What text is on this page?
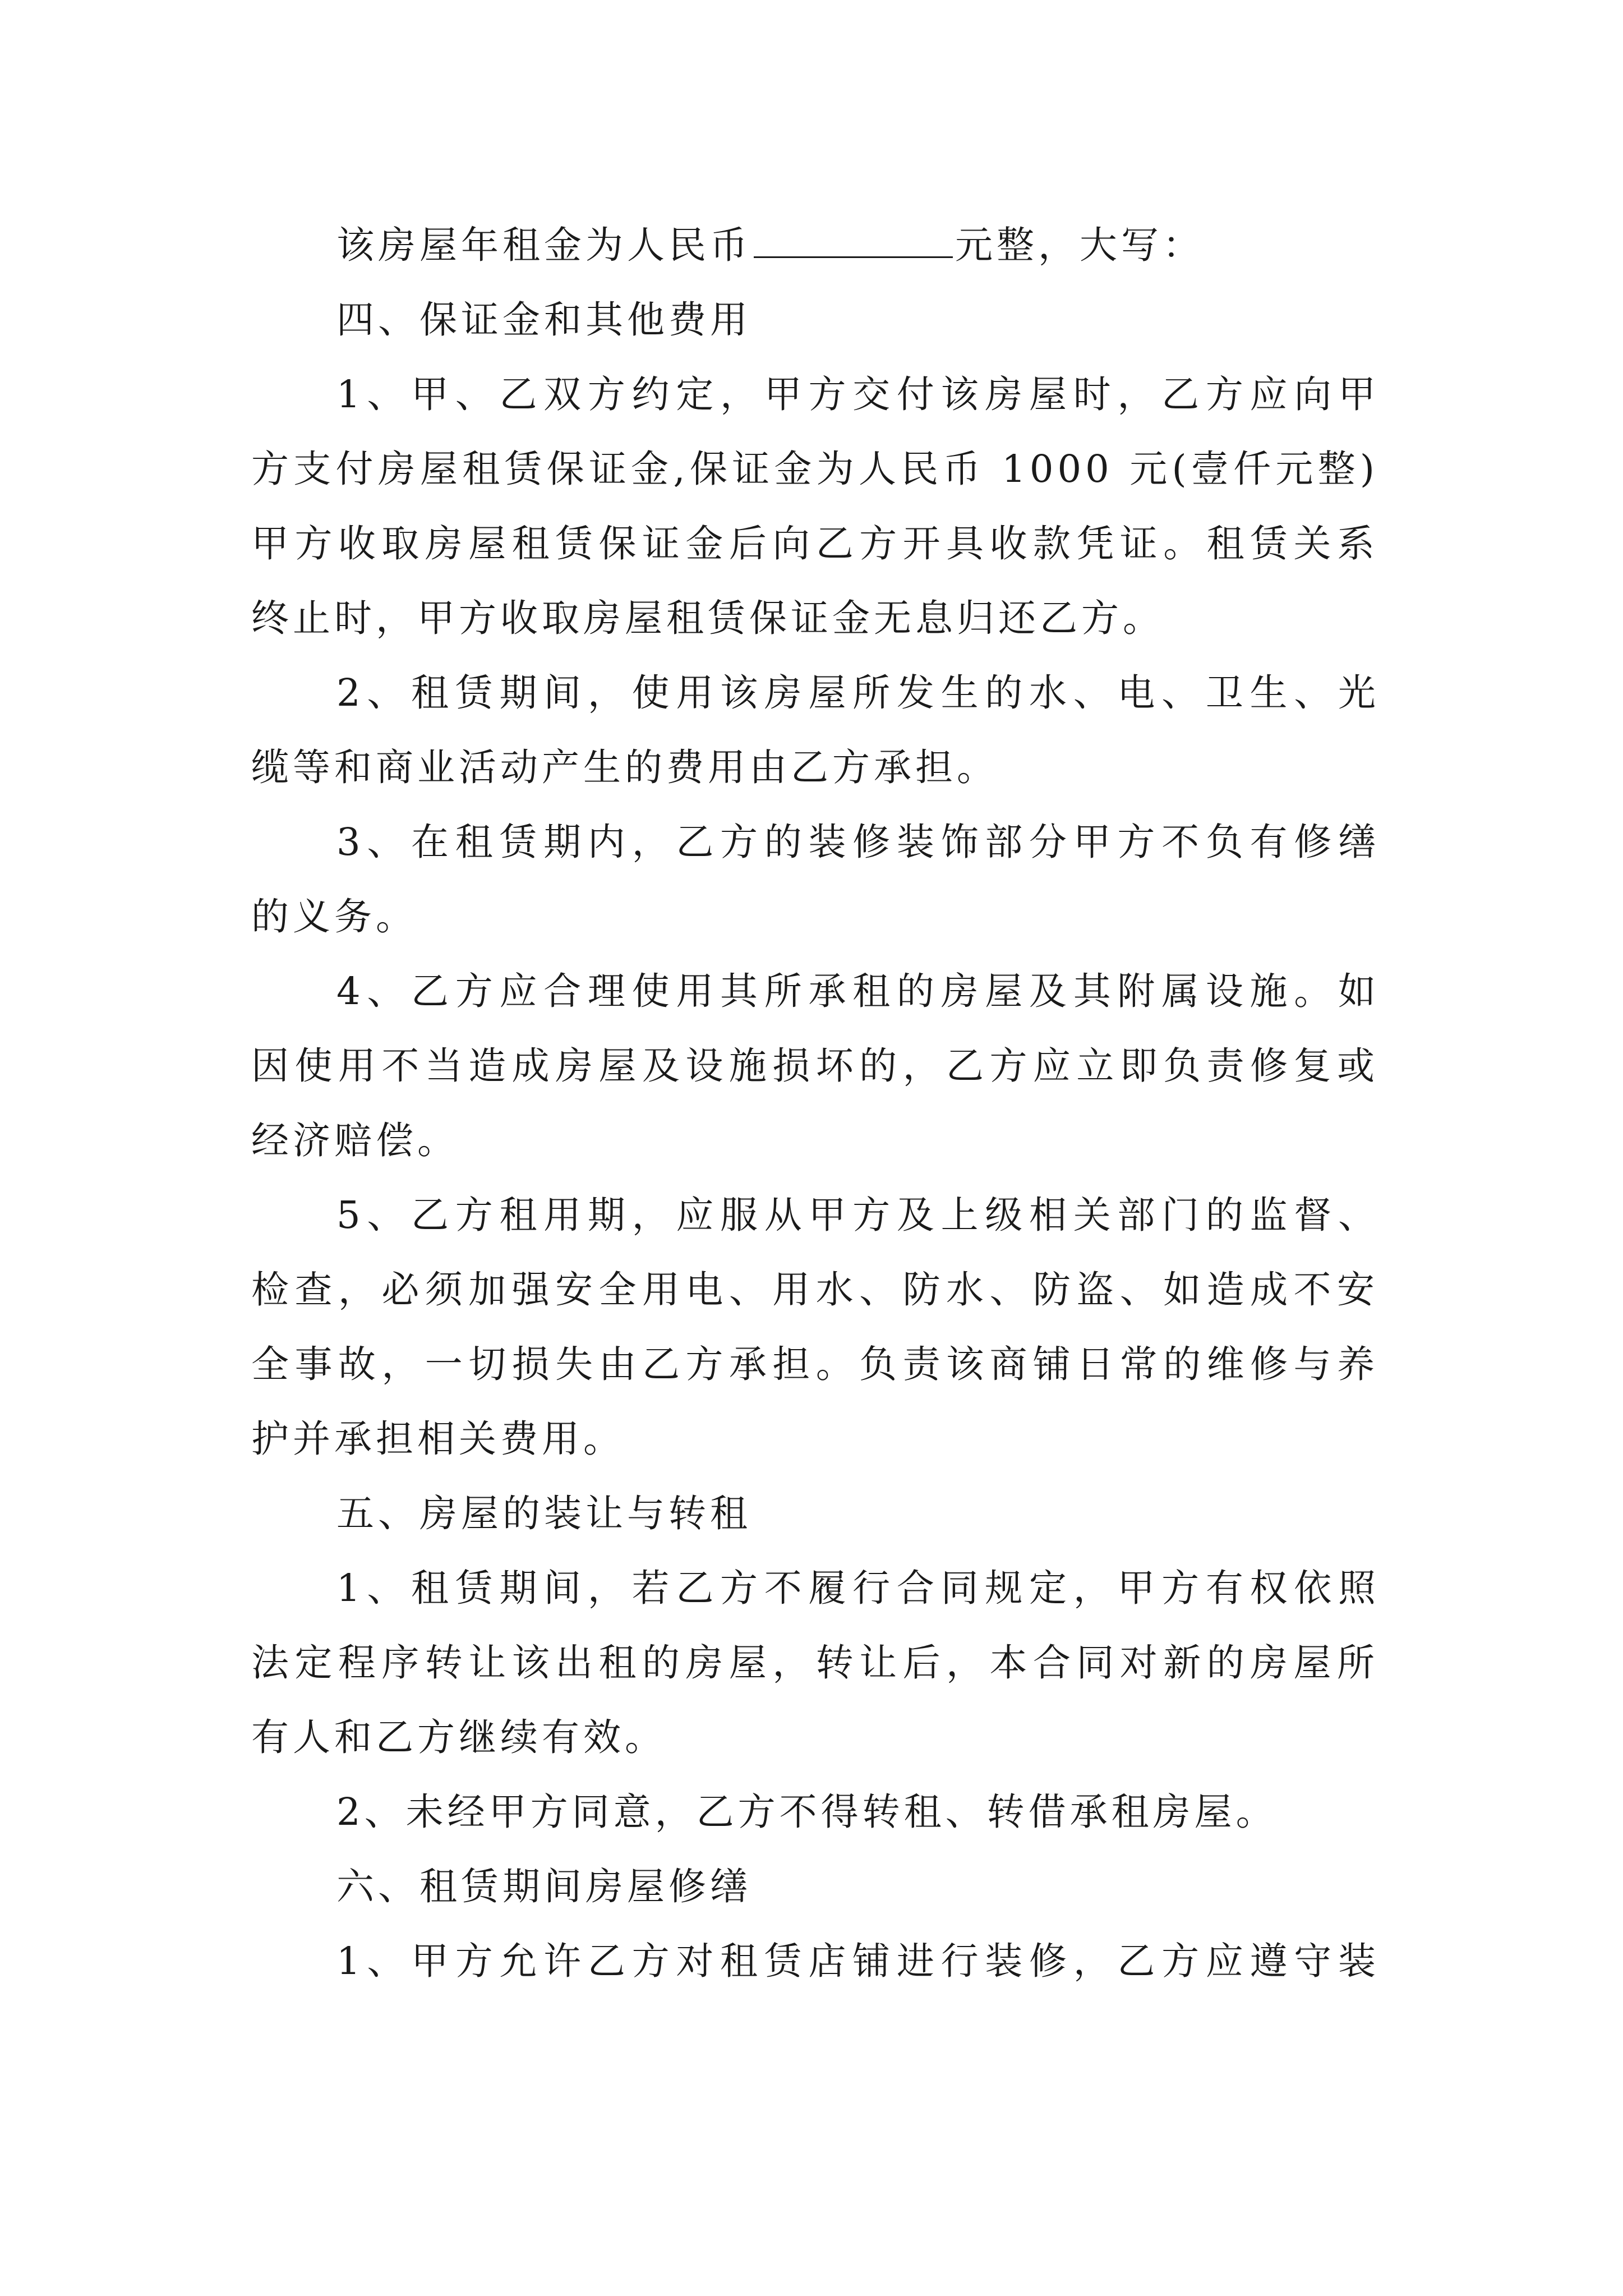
该房屋年租金为人民币	元整，大写：
四、保证金和其他费用
1、甲、乙双方约定，甲方交付该房屋时，乙方应向甲
方支付房屋租赁保证金,保证金为人民币 1000 元(壹仟元整)
甲方收取房屋租赁保证金后向乙方开具收款凭证。租赁关系
终止时，甲方收取房屋租赁保证金无息归还乙方。
2、租赁期间，使用该房屋所发生的水、电、卫生、光
缆等和商业活动产生的费用由乙方承担。
3、在租赁期内，乙方的装修装饰部分甲方不负有修缮
的义务。
4、乙方应合理使用其所承租的房屋及其附属设施。如
因使用不当造成房屋及设施损坏的，乙方应立即负责修复或
经济赔偿。
5、乙方租用期，应服从甲方及上级相关部门的监督、
检查，必须加强安全用电、用水、防水、防盗、如造成不安
全事故，一切损失由乙方承担。负责该商铺日常的维修与养
护并承担相关费用。
五、房屋的装让与转租
1、租赁期间，若乙方不履行合同规定，甲方有权依照
法定程序转让该出租的房屋，转让后，本合同对新的房屋所
有人和乙方继续有效。
2、未经甲方同意，乙方不得转租、转借承租房屋。
六、租赁期间房屋修缮
1、甲方允许乙方对租赁店铺进行装修，乙方应遵守装
